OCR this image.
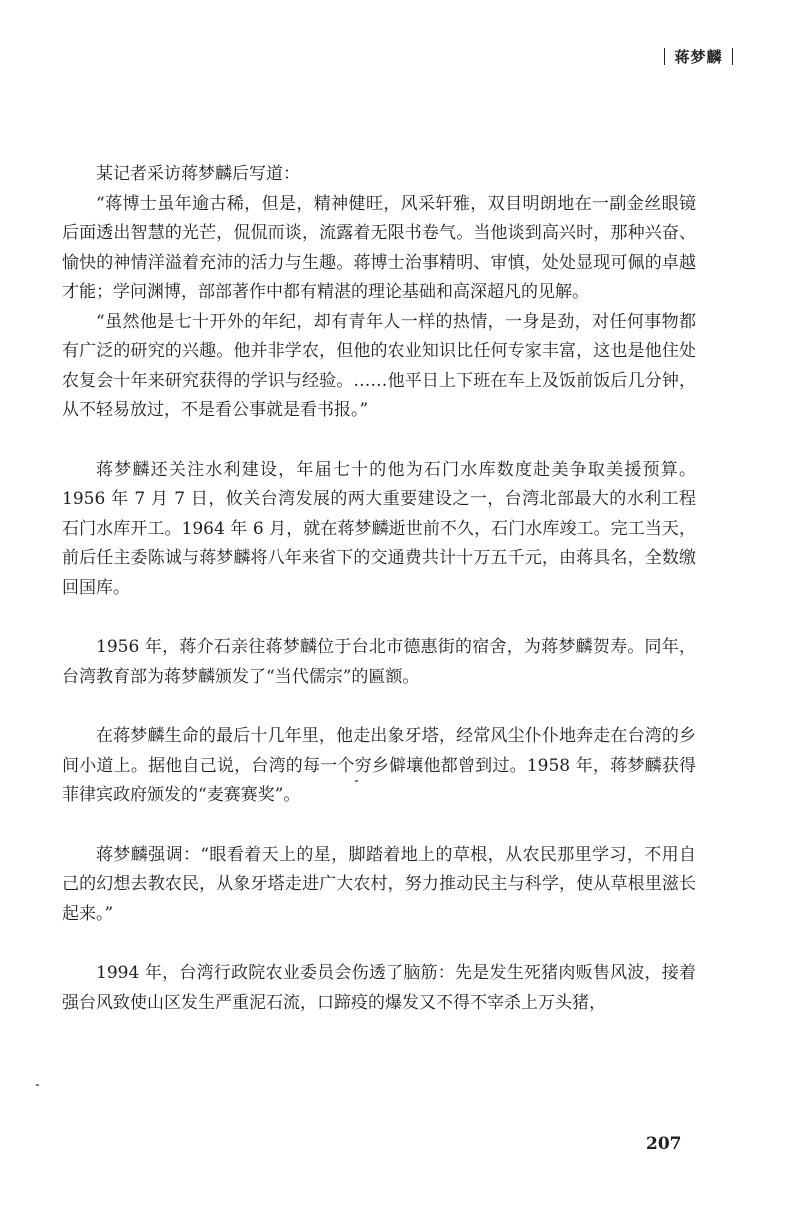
蒋梦麟

某记者采访蒋梦麟后写道：

“蒋博士虽年逾古稀，但是，精神健旺，风采轩雅，双目明朗地在一副金丝眼镜后面透出智慧的光芒，侃侃而谈，流露着无限书卷气。当他谈到高兴时，那种兴奋、愉快的神情洋溢着充沛的活力与生趣。蒋博士治事精明、审慎，处处显现可佩的卓越才能；学问渊博，部部著作中都有精湛的理论基础和高深超凡的见解。

“虽然他是七十开外的年纪，却有青年人一样的热情，一身是劲，对任何事物都有广泛的研究的兴趣。他并非学农，但他的农业知识比任何专家丰富，这也是他住处农复会十年来研究获得的学识与经验。……他平日上下班在车上及饭前饭后几分钟，从不轻易放过，不是看公事就是看书报。”

蒋梦麟还关注水利建设，年届七十的他为石门水库数度赴美争取美援预算。1956 年 7 月 7 日，攸关台湾发展的两大重要建设之一，台湾北部最大的水利工程石门水库开工。1964 年 6 月，就在蒋梦麟逝世前不久，石门水库竣工。完工当天，前后任主委陈诚与蒋梦麟将八年来省下的交通费共计十万五千元，由蒋具名，全数缴回国库。

1956 年，蒋介石亲往蒋梦麟位于台北市德惠街的宿舍，为蒋梦麟贺寿。同年，台湾教育部为蒋梦麟颁发了“当代儒宗”的匾额。

在蒋梦麟生命的最后十几年里，他走出象牙塔，经常风尘仆仆地奔走在台湾的乡间小道上。据他自己说，台湾的每一个穷乡僻壤他都曾到过。1958 年，蒋梦麟获得菲律宾政府颁发的“麦赛赛奖”。

蒋梦麟强调：“眼看着天上的星，脚踏着地上的草根，从农民那里学习，不用自己的幻想去教农民，从象牙塔走进广大农村，努力推动民主与科学，使从草根里滋长起来。”

1994 年，台湾行政院农业委员会伤透了脑筋：先是发生死猪肉贩售风波，接着强台风致使山区发生严重泥石流，口蹄疫的爆发又不得不宰杀上万头猪，

207
